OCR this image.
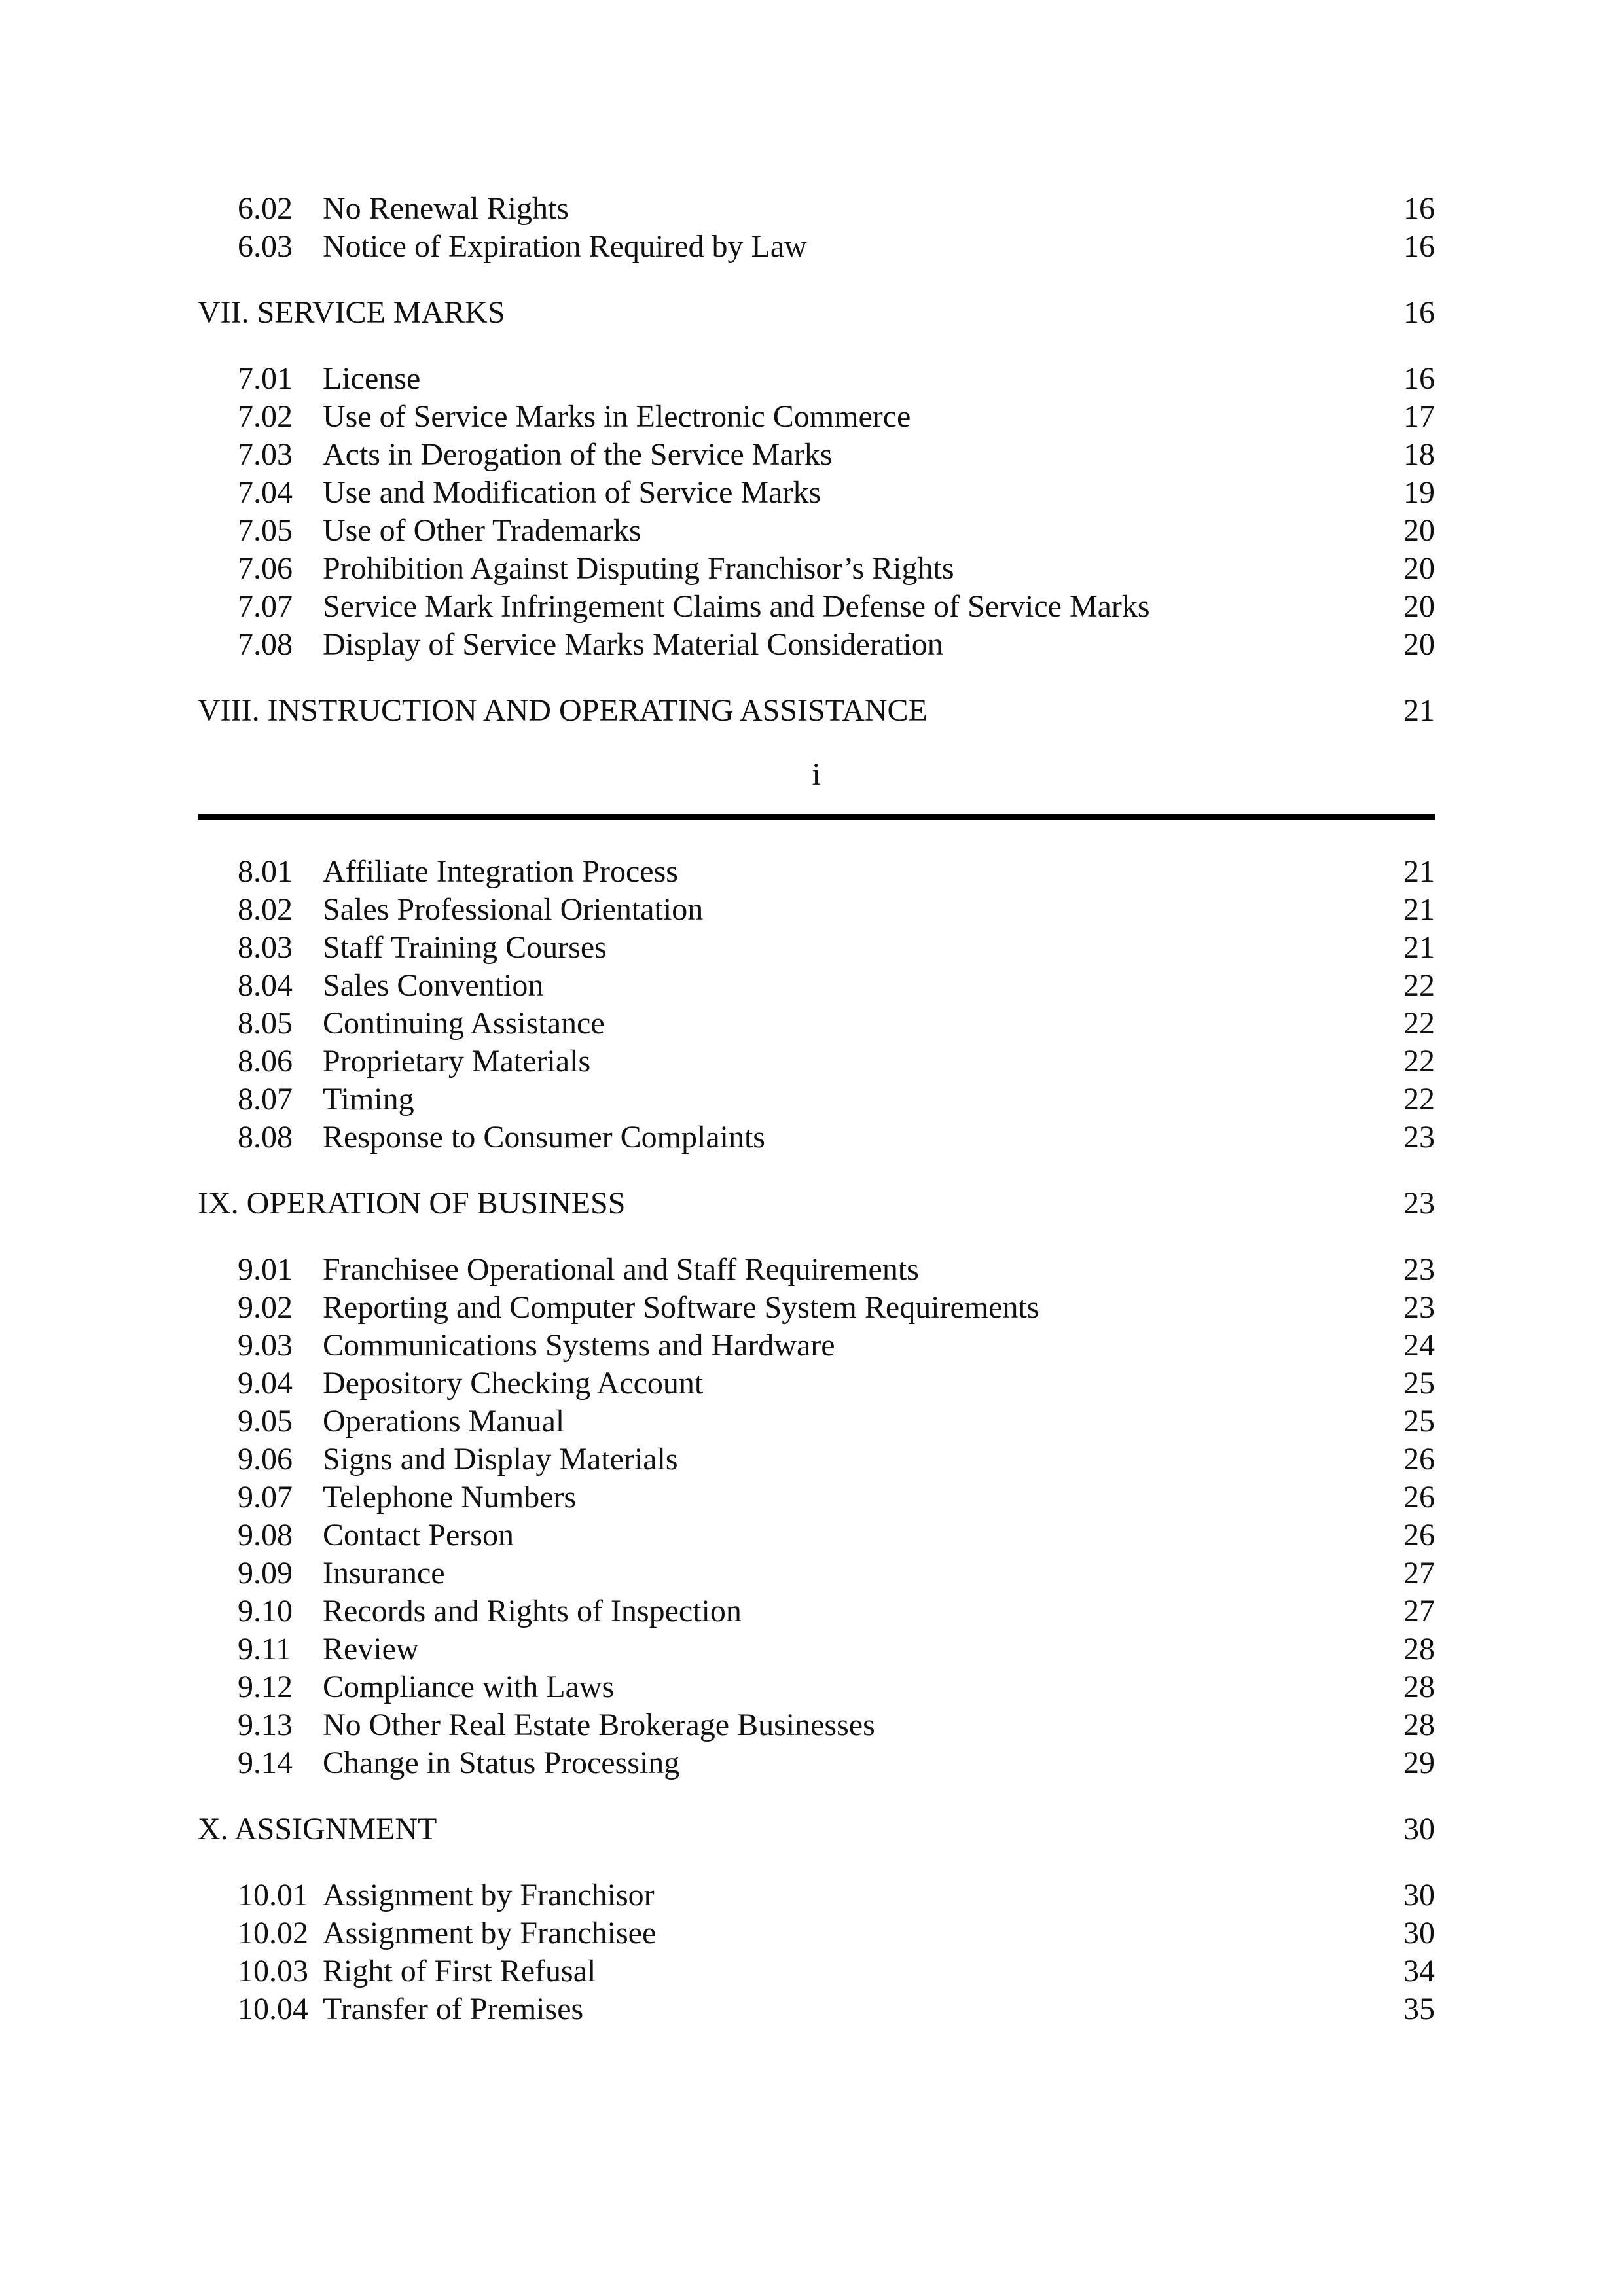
6.02 No Renewal Rights	16
6.03 Notice of Expiration Required by Law	16
VII. SERVICE MARKS	16
7.01 License	16
7.02 Use of Service Marks in Electronic Commerce	17
7.03 Acts in Derogation of the Service Marks	18
7.04 Use and Modification of Service Marks	19
7.05 Use of Other Trademarks	20
7.06 Prohibition Against Disputing Franchisor’s Rights	20
7.07 Service Mark Infringement Claims and Defense of Service Marks	20
7.08 Display of Service Marks Material Consideration	20
VIII. INSTRUCTION AND OPERATING ASSISTANCE	21
i
8.01 Affiliate Integration Process	21
8.02 Sales Professional Orientation	21
8.03 Staff Training Courses	21
8.04 Sales Convention	22
8.05 Continuing Assistance	22
8.06 Proprietary Materials	22
8.07 Timing	22
8.08 Response to Consumer Complaints	23
IX. OPERATION OF BUSINESS	23
9.01 Franchisee Operational and Staff Requirements	23
9.02 Reporting and Computer Software System Requirements	23
9.03 Communications Systems and Hardware	24
9.04 Depository Checking Account	25
9.05 Operations Manual	25
9.06 Signs and Display Materials	26
9.07 Telephone Numbers	26
9.08 Contact Person	26
9.09 Insurance	27
9.10 Records and Rights of Inspection	27
9.11 Review	28
9.12 Compliance with Laws	28
9.13 No Other Real Estate Brokerage Businesses	28
9.14 Change in Status Processing	29
X. ASSIGNMENT	30
10.01 Assignment by Franchisor	30
10.02 Assignment by Franchisee	30
10.03 Right of First Refusal	34
10.04 Transfer of Premises	35
